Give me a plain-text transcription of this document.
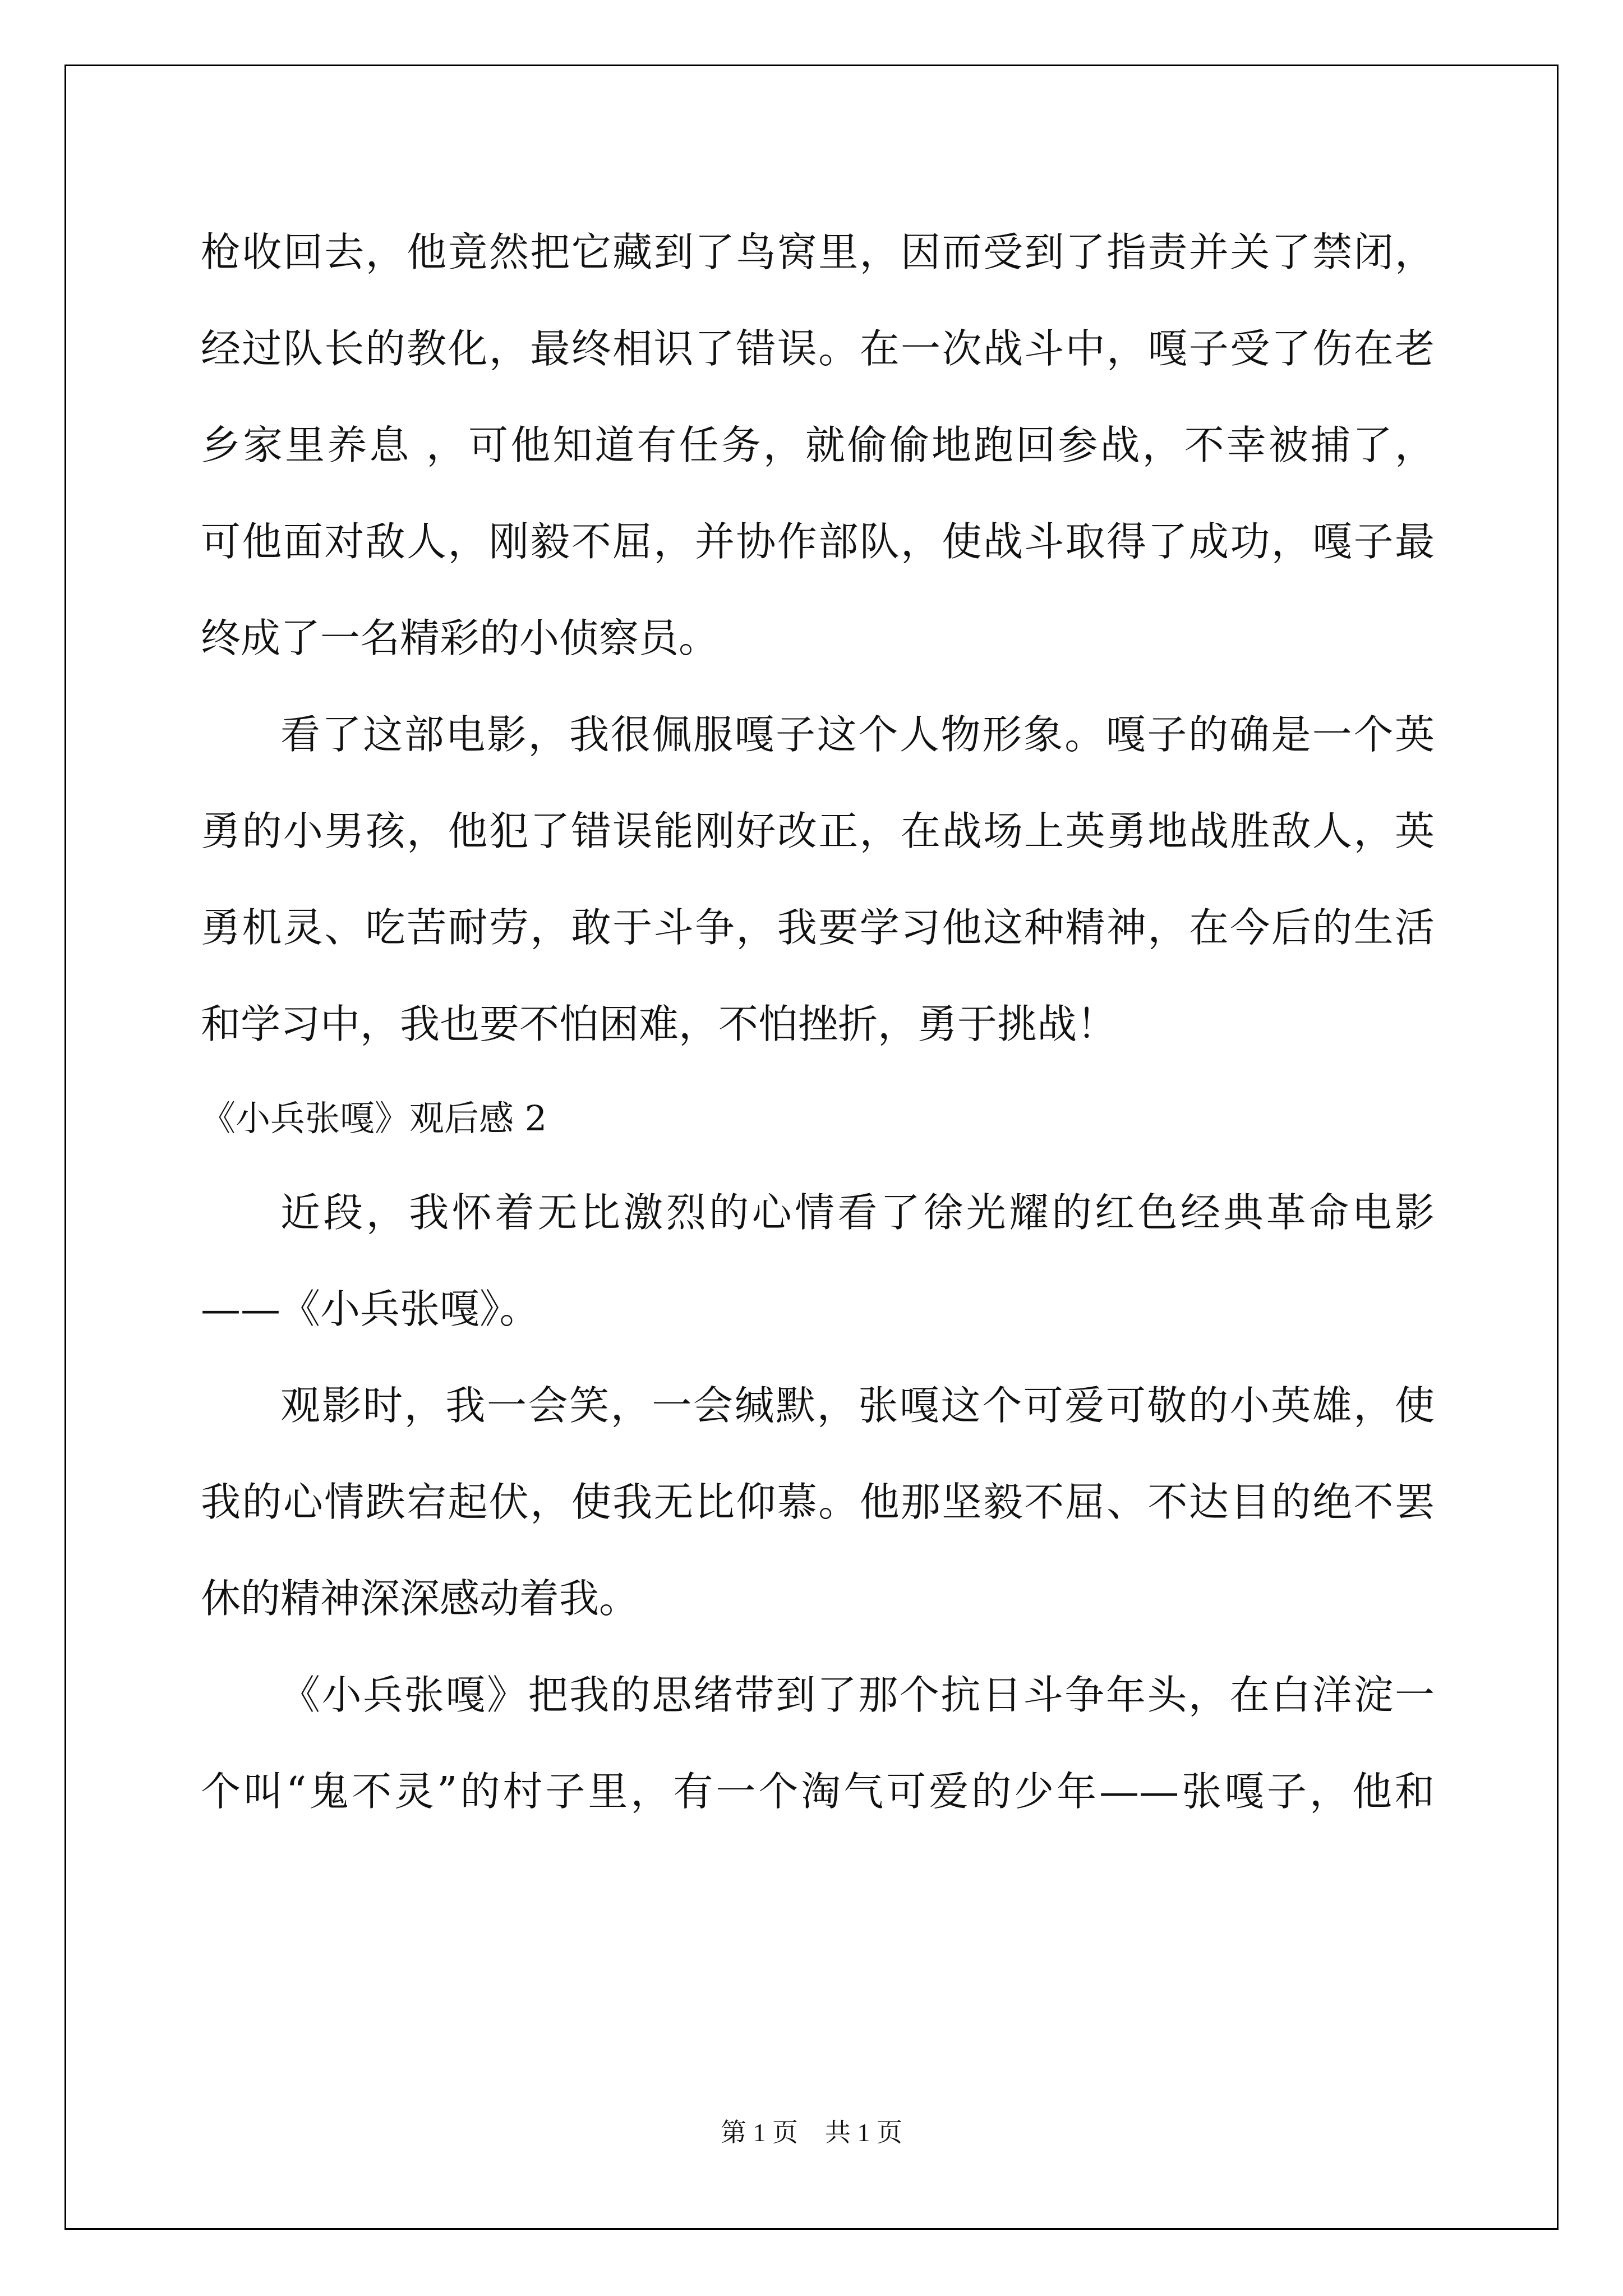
枪收回去，他竟然把它藏到了鸟窝里，因而受到了指责并关了禁闭，
经过队长的教化，最终相识了错误。在一次战斗中，嘎子受了伤在老
乡家里养息 ，可他知道有任务，就偷偷地跑回参战，不幸被捕了，
可他面对敌人，刚毅不屈，并协作部队，使战斗取得了成功，嘎子最
终成了一名精彩的小侦察员。
看了这部电影，我很佩服嘎子这个人物形象。嘎子的确是一个英
勇的小男孩，他犯了错误能刚好改正，在战场上英勇地战胜敌人，英
勇机灵、吃苦耐劳，敢于斗争，我要学习他这种精神，在今后的生活
和学习中，我也要不怕困难，不怕挫折，勇于挑战！
《小兵张嘎》观后感 2
近段，我怀着无比激烈的心情看了徐光耀的红色经典革命电影
——《小兵张嘎》。
观影时，我一会笑，一会缄默，张嘎这个可爱可敬的小英雄，使
我的心情跌宕起伏，使我无比仰慕。他那坚毅不屈、不达目的绝不罢
休的精神深深感动着我。
《小兵张嘎》把我的思绪带到了那个抗日斗争年头，在白洋淀一
个叫“鬼不灵”的村子里，有一个淘气可爱的少年——张嘎子，他和
第 1 页 共 1 页
